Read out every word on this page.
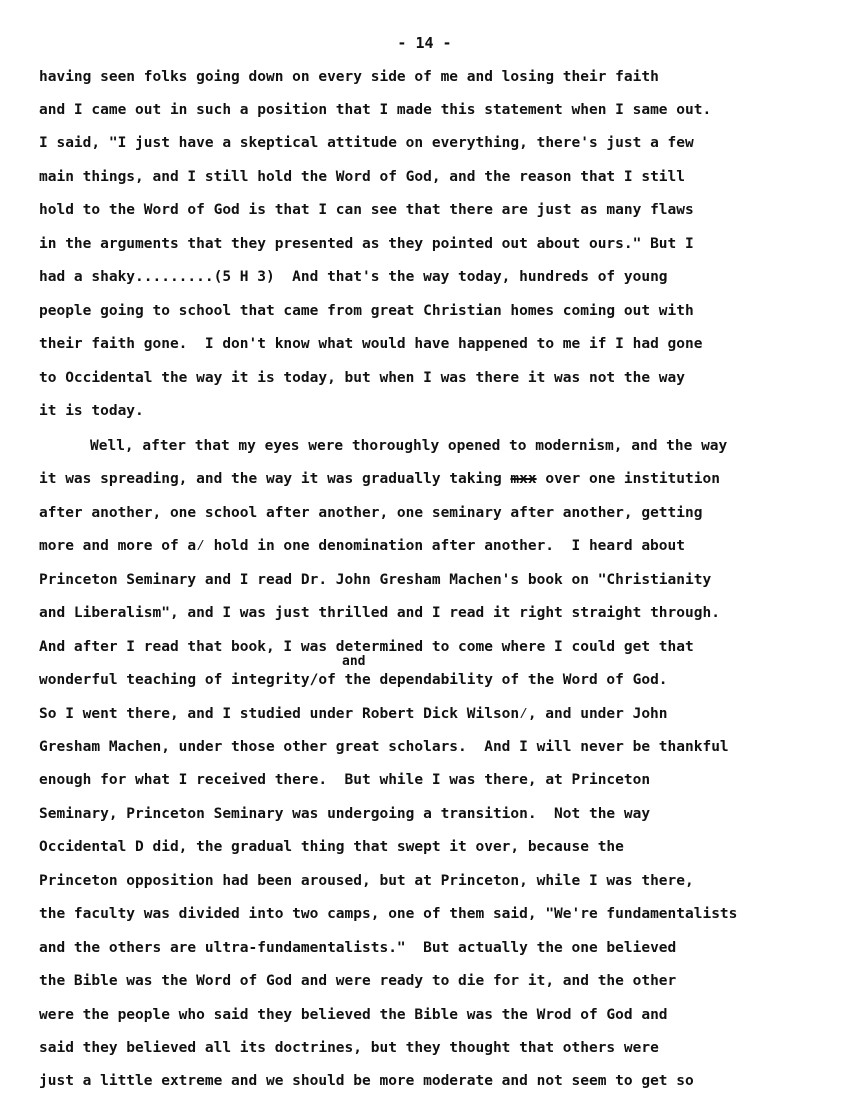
- 14 -
having seen folks going down on every side of me and losing their faith
and I came out in such a position that I made this statement when I same out.
I said, "I just have a skeptical attitude on everything, there's just a few
main things, and I still hold the Word of God, and the reason that I still
hold to the Word of God is that I can see that there are just as many flaws
in the arguments that they presented as they pointed out about ours." But I
had a shaky.........(5 H 3)  And that's the way today, hundreds of young
people going to school that came from great Christian homes coming out with
their faith gone.  I don't know what would have happened to me if I had gone
to Occidental the way it is today, but when I was there it was not the way
it is today.
Well, after that my eyes were thoroughly opened to modernism, and the way
it was spreading, and the way it was gradually taking mxx over one institution
after another, one school after another, one seminary after another, getting
more and more of a⁄ hold in one denomination after another.  I heard about
Princeton Seminary and I read Dr. John Gresham Machen's book on "Christianity
and Liberalism", and I was just thrilled and I read it right straight through.
And after I read that book, I was determined to come where I could get that
and
wonderful teaching of integrity/of the dependability of the Word of God.
So I went there, and I studied under Robert Dick Wilson⁄, and under John
Gresham Machen, under those other great scholars.  And I will never be thankful
enough for what I received there.  But while I was there, at Princeton
Seminary, Princeton Seminary was undergoing a transition.  Not the way
Occidental D did, the gradual thing that swept it over, because the
Princeton opposition had been aroused, but at Princeton, while I was there,
the faculty was divided into two camps, one of them said, "We're fundamentalists
and the others are ultra-fundamentalists."  But actually the one believed
the Bible was the Word of God and were ready to die for it, and the other
were the people who said they believed the Bible was the Wrod of God and
said they believed all its doctrines, but they thought that others were
just a little extreme and we should be more moderate and not seem to get so
